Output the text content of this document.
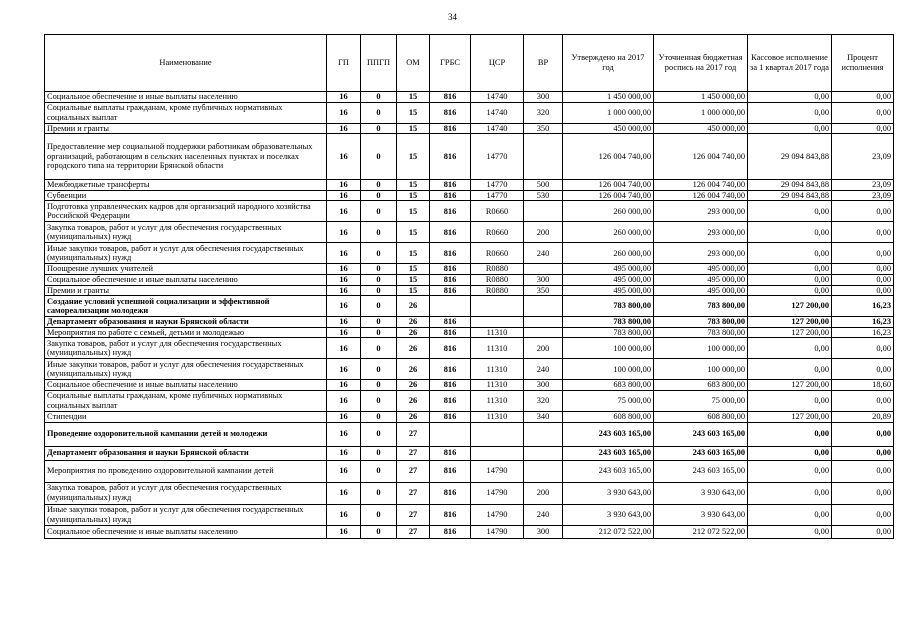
34
Наименование	ГП	ППГП	ОМ	ГРБС	ЦСР	ВР	Утверждено на 2017 год	Уточненная бюджетная роспись на 2017 год	Кассовое исполнение за 1 квартал 2017 года	Процент исполнения
Социальное обеспечение и иные выплаты населению	16	0	15	816	14740	300	1 450 000,00	1 450 000,00	0,00	0,00
Социальные выплаты гражданам, кроме публичных нормативных социальных выплат	16	0	15	816	14740	320	1 000 000,00	1 000 000,00	0,00	0,00
Премии и гранты	16	0	15	816	14740	350	450 000,00	450 000,00	0,00	0,00
Предоставление мер социальной поддержки работникам образовательных организаций, работающим в сельских населенных пунктах и поселках городского типа на территории Брянской области	16	0	15	816	14770		126 004 740,00	126 004 740,00	29 094 843,88	23,09
Межбюджетные трансферты	16	0	15	816	14770	500	126 004 740,00	126 004 740,00	29 094 843,88	23,09
Субвенции	16	0	15	816	14770	530	126 004 740,00	126 004 740,00	29 094 843,88	23,09
Подготовка управленческих кадров для организаций народного хозяйства Российской Федерации	16	0	15	816	R0660		260 000,00	293 000,00	0,00	0,00
Закупка товаров, работ и услуг для обеспечения государственных (муниципальных) нужд	16	0	15	816	R0660	200	260 000,00	293 000,00	0,00	0,00
Иные закупки товаров, работ и услуг для обеспечения государственных (муниципальных) нужд	16	0	15	816	R0660	240	260 000,00	293 000,00	0,00	0,00
Поощрение лучших учителей	16	0	15	816	R0880		495 000,00	495 000,00	0,00	0,00
Социальное обеспечение и иные выплаты населению	16	0	15	816	R0880	300	495 000,00	495 000,00	0,00	0,00
Премии и гранты	16	0	15	816	R0880	350	495 000,00	495 000,00	0,00	0,00
Создание условий успешной социализации и эффективной самореализации молодежи	16	0	26				783 800,00	783 800,00	127 200,00	16,23
Департамент образования и науки Брянской области	16	0	26	816			783 800,00	783 800,00	127 200,00	16,23
Мероприятия по работе с семьей, детьми и молодежью	16	0	26	816	11310		783 800,00	783 800,00	127 200,00	16,23
Закупка товаров, работ и услуг для обеспечения государственных (муниципальных) нужд	16	0	26	816	11310	200	100 000,00	100 000,00	0,00	0,00
Иные закупки товаров, работ и услуг для обеспечения государственных (муниципальных) нужд	16	0	26	816	11310	240	100 000,00	100 000,00	0,00	0,00
Социальное обеспечение и иные выплаты населению	16	0	26	816	11310	300	683 800,00	683 800,00	127 200,00	18,60
Социальные выплаты гражданам, кроме публичных нормативных социальных выплат	16	0	26	816	11310	320	75 000,00	75 000,00	0,00	0,00
Стипендии	16	0	26	816	11310	340	608 800,00	608 800,00	127 200,00	20,89
Проведение оздоровительной кампании детей и молодежи	16	0	27				243 603 165,00	243 603 165,00	0,00	0,00
Департамент образования и науки Брянской области	16	0	27	816			243 603 165,00	243 603 165,00	0,00	0,00
Мероприятия по проведению оздоровительной кампании детей	16	0	27	816	14790		243 603 165,00	243 603 165,00	0,00	0,00
Закупка товаров, работ и услуг для обеспечения государственных (муниципальных) нужд	16	0	27	816	14790	200	3 930 643,00	3 930 643,00	0,00	0,00
Иные закупки товаров, работ и услуг для обеспечения государственных (муниципальных) нужд	16	0	27	816	14790	240	3 930 643,00	3 930 643,00	0,00	0,00
Социальное обеспечение и иные выплаты населению	16	0	27	816	14790	300	212 072 522,00	212 072 522,00	0,00	0,00
